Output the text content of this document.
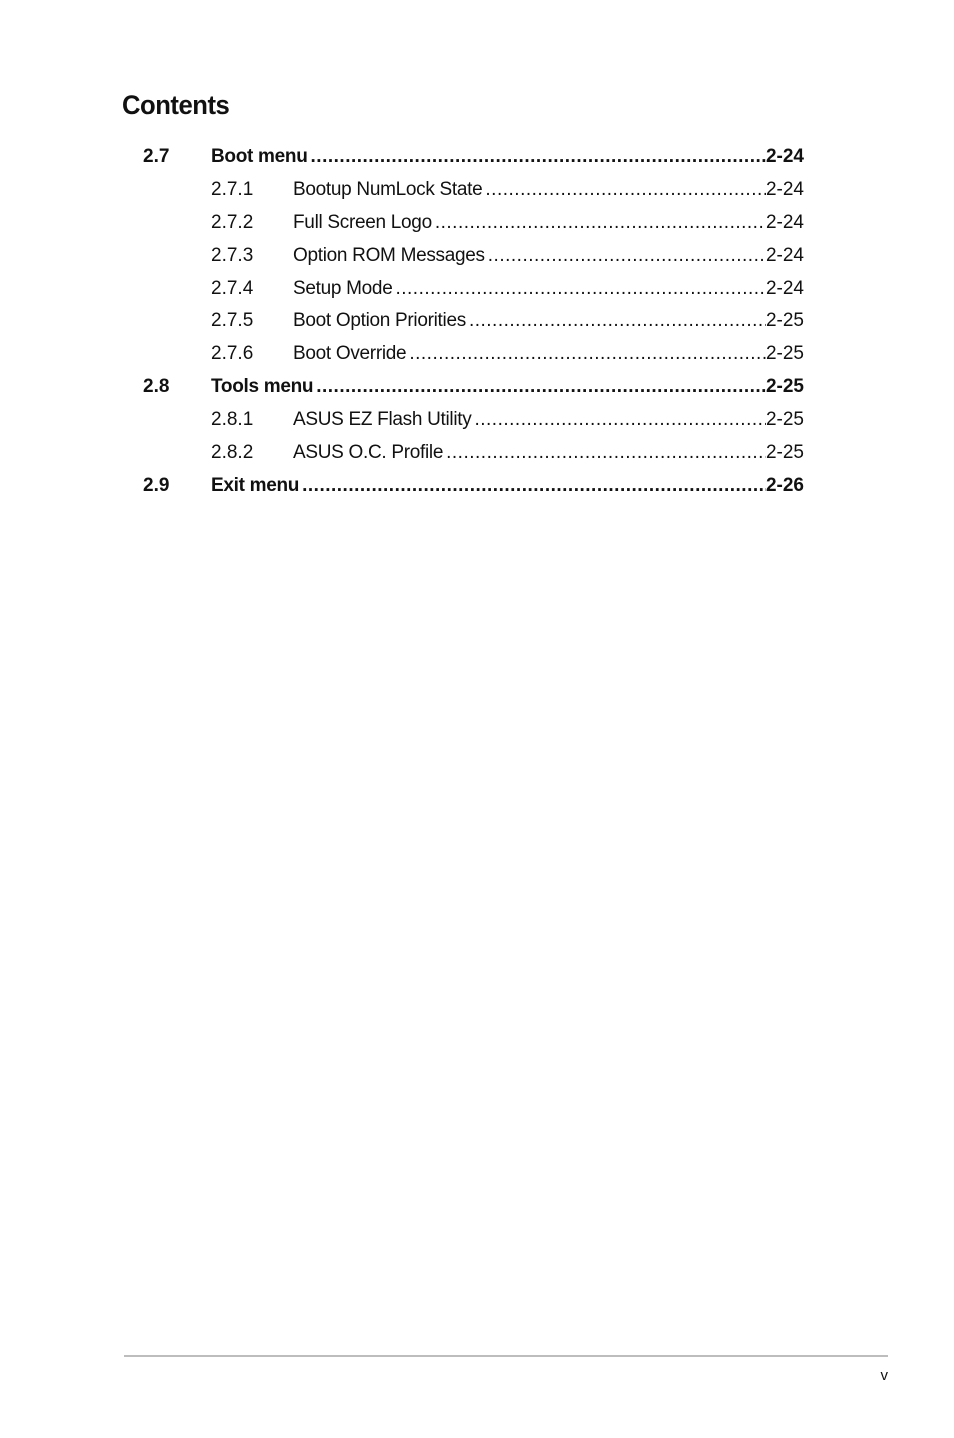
Contents
2.7 Boot menu .....	2-24
2.7.1 Bootup NumLock State .....	2-24
2.7.2 Full Screen Logo .....	2-24
2.7.3 Option ROM Messages .....	2-24
2.7.4 Setup Mode .....	2-24
2.7.5 Boot Option Priorities .....	2-25
2.7.6 Boot Override .....	2-25
2.8 Tools menu .....	2-25
2.8.1 ASUS EZ Flash Utility .....	2-25
2.8.2 ASUS O.C. Profile .....	2-25
2.9 Exit menu .....	2-26
v
